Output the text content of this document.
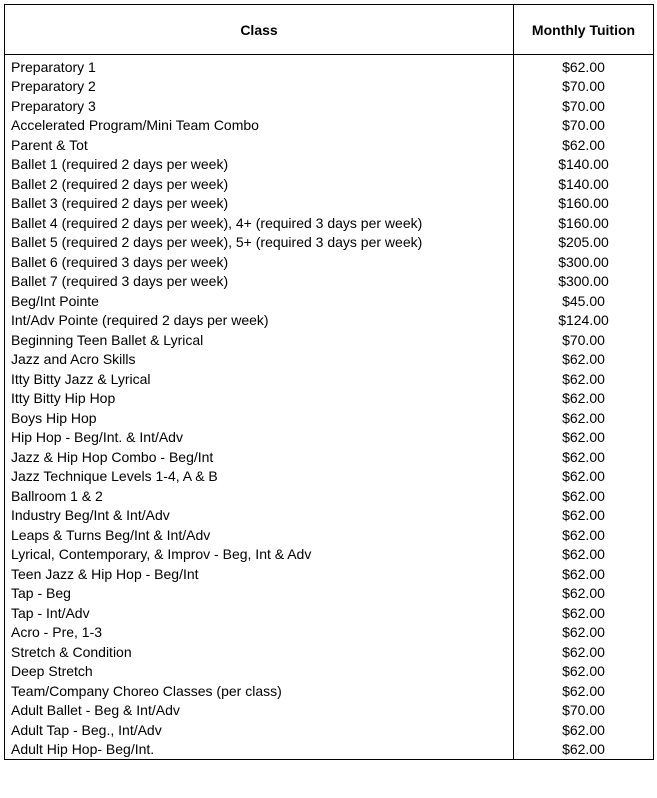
Class	Monthly Tuition
Preparatory 1	$62.00
Preparatory 2	$70.00
Preparatory 3	$70.00
Accelerated Program/Mini Team Combo	$70.00
Parent & Tot	$62.00
Ballet 1 (required 2 days per week)	$140.00
Ballet 2 (required 2 days per week)	$140.00
Ballet 3 (required 2 days per week)	$160.00
Ballet 4 (required 2 days per week), 4+ (required 3 days per week)	$160.00
Ballet 5 (required 2 days per week), 5+ (required 3 days per week)	$205.00
Ballet 6 (required 3 days per week)	$300.00
Ballet 7 (required 3 days per week)	$300.00
Beg/Int Pointe	$45.00
Int/Adv Pointe (required 2 days per week)	$124.00
Beginning Teen Ballet & Lyrical	$70.00
Jazz and Acro Skills	$62.00
Itty Bitty Jazz & Lyrical	$62.00
Itty Bitty Hip Hop	$62.00
Boys Hip Hop	$62.00
Hip Hop - Beg/Int. & Int/Adv	$62.00
Jazz & Hip Hop Combo - Beg/Int	$62.00
Jazz Technique Levels 1-4, A & B	$62.00
Ballroom 1 & 2	$62.00
Industry Beg/Int & Int/Adv	$62.00
Leaps & Turns Beg/Int & Int/Adv	$62.00
Lyrical, Contemporary, & Improv - Beg, Int & Adv	$62.00
Teen Jazz & Hip Hop - Beg/Int	$62.00
Tap - Beg	$62.00
Tap - Int/Adv	$62.00
Acro - Pre, 1-3	$62.00
Stretch & Condition	$62.00
Deep Stretch	$62.00
Team/Company Choreo Classes (per class)	$62.00
Adult Ballet - Beg & Int/Adv	$70.00
Adult Tap - Beg., Int/Adv	$62.00
Adult Hip Hop- Beg/Int.	$62.00
